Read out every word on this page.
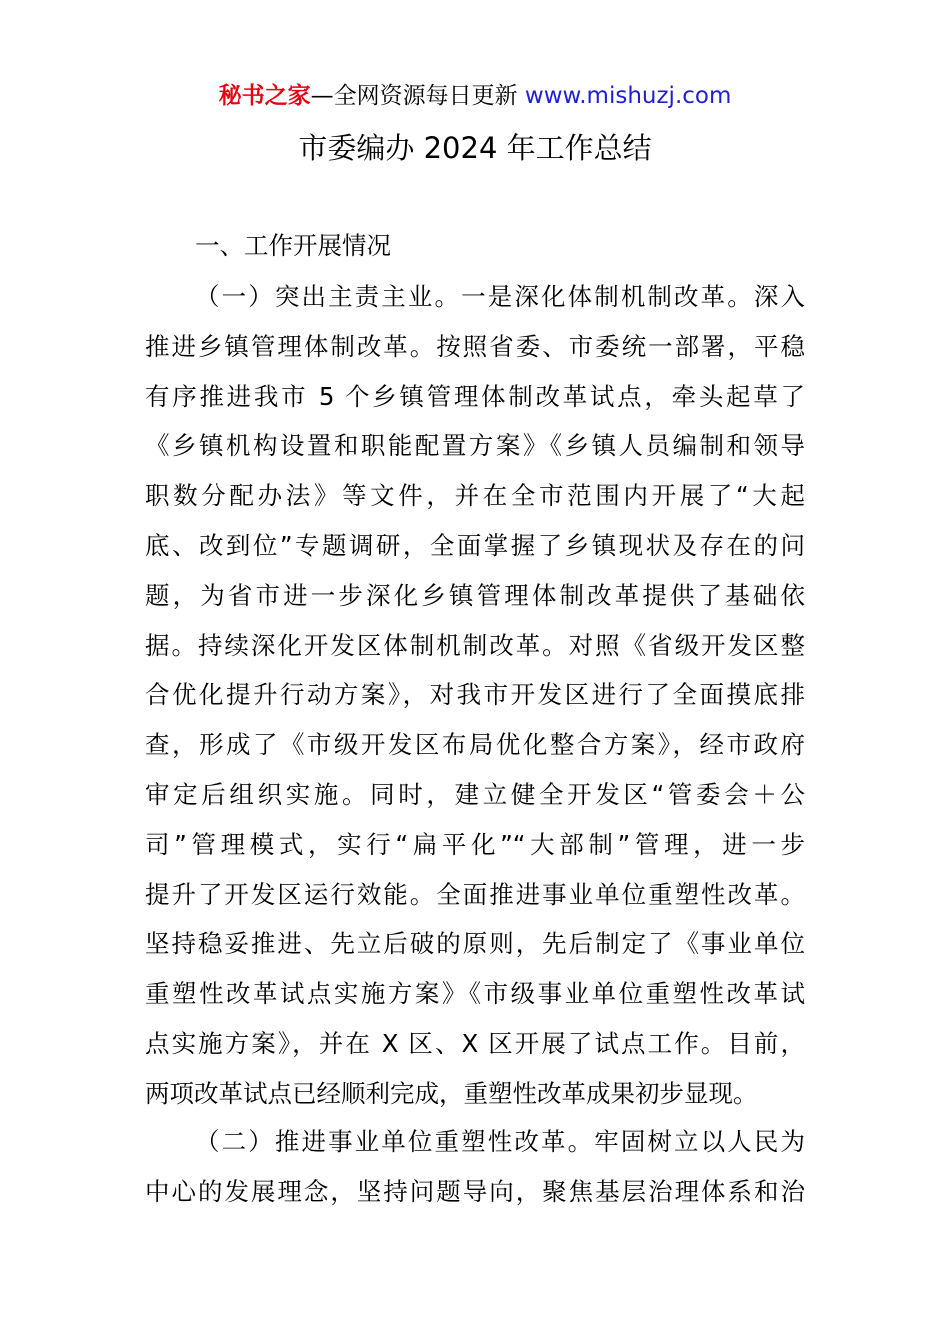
秘书之家—全网资源每日更新 www.mishuzj.com
市委编办 2024 年工作总结
一、工作开展情况
（一）突出主责主业。一是深化体制机制改革。深入
推进乡镇管理体制改革。按照省委、市委统一部署，平稳
有序推进我市 5 个乡镇管理体制改革试点，牵头起草了
《乡镇机构设置和职能配置方案》《乡镇人员编制和领导
职数分配办法》等文件，并在全市范围内开展了“大起
底、改到位”专题调研，全面掌握了乡镇现状及存在的问
题，为省市进一步深化乡镇管理体制改革提供了基础依
据。持续深化开发区体制机制改革。对照《省级开发区整
合优化提升行动方案》，对我市开发区进行了全面摸底排
查，形成了《市级开发区布局优化整合方案》，经市政府
审定后组织实施。同时，建立健全开发区“管委会＋公
司”管理模式，实行“扁平化”“大部制”管理，进一步
提升了开发区运行效能。全面推进事业单位重塑性改革。
坚持稳妥推进、先立后破的原则，先后制定了《事业单位
重塑性改革试点实施方案》《市级事业单位重塑性改革试
点实施方案》，并在 X 区、X 区开展了试点工作。目前，
两项改革试点已经顺利完成，重塑性改革成果初步显现。
（二）推进事业单位重塑性改革。牢固树立以人民为
中心的发展理念，坚持问题导向，聚焦基层治理体系和治
